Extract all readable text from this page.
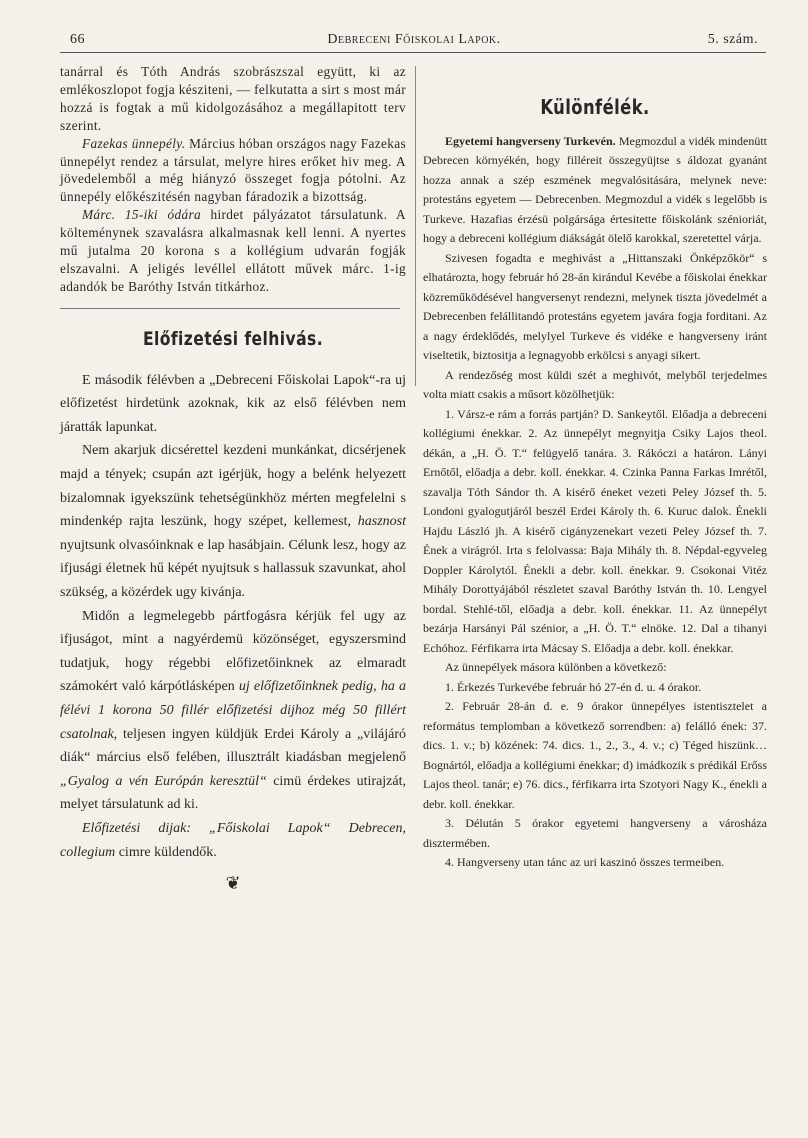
66	Debreceni Főiskolai Lapok.	5. szám.

tanárral és Tóth András szobrászszal együtt, ki az emlékoszlopot fogja késziteni, — felkutatta a sirt s most már hozzá is fogtak a mű kidolgozásához a megállapitott terv szerint.

Fazekas ünnepély. Március hóban országos nagy Fazekas ünnepélyt rendez a társulat, melyre hires erőket hiv meg. A jövedelemből a még hiányzó összeget fogja pótolni. Az ünnepély előkészitésén nagyban fáradozik a bizottság.

Márc. 15-iki ódára hirdet pályázatot társulatunk. A költeménynek szavalásra alkalmasnak kell lenni. A nyertes mű jutalma 20 korona s a kollégium udvarán fogják elszavalni. A jeligés levéllel ellátott művek márc. 1-ig adandók be Baróthy István titkárhoz.

Előfizetési felhivás.

E második félévben a „Debreceni Főiskolai Lapok“-ra uj előfizetést hirdetünk azoknak, kik az első félévben nem járatták lapunkat.

Nem akarjuk dicsérettel kezdeni munkánkat, dicsérjenek majd a tények; csupán azt igérjük, hogy a belénk helyezett bizalomnak igyekszünk tehetségünkhöz mérten megfelelni s mindenkép rajta leszünk, hogy szépet, kellemest, hasznost nyujtsunk olvasóinknak e lap hasábjain. Célunk lesz, hogy az ifjusági életnek hű képét nyujtsuk s hallassuk szavunkat, ahol szükség, a közérdek ugy kivánja.

Midőn a legmelegebb pártfogásra kérjük fel ugy az ifjuságot, mint a nagyérdemü közönséget, egyszersmind tudatjuk, hogy régebbi előfizetőinknek az elmaradt számokért való kárpótlásképen uj előfizetőinknek pedig, ha a félévi 1 korona 50 fillér előfizetési dijhoz még 50 fillért csatolnak, teljesen ingyen küldjük Erdei Károly a „vilájáró diák“ március első felében, illusztrált kiadásban megjelenő „Gyalog a vén Európán keresztül“ cimü érdekes utirajzát, melyet társulatunk ad ki.

Előfizetési dijak: „Főiskolai Lapok“ Debrecen, collegium cimre küldendők.

❦
Különfélék.

Egyetemi hangverseny Turkevén. Megmozdul a vidék mindenütt Debrecen környékén, hogy filléreit összegyüjtse s áldozat gyanánt hozza annak a szép eszmének megvalósitására, melynek neve: protestáns egyetem — Debrecenben. Megmozdul a vidék s legelőbb is Turkeve. Hazafias érzésü polgársága értesitette főiskolánk szénioriát, hogy a debreceni kollégium diákságát ölelő karokkal, szeretettel várja.

Szivesen fogadta e meghivást a „Hittanszaki Önképzőkör“ s elhatározta, hogy február hó 28-án kirándul Kevébe a főiskolai énekkar közreműködésével hangversenyt rendezni, melynek tiszta jövedelmét a Debrecenben felállitandó protestáns egyetem javára fogja forditani. Az a nagy érdeklődés, melylyel Turkeve és vidéke e hangverseny iránt viseltetik, biztositja a legnagyobb erkölcsi s anyagi sikert.

A rendezőség most küldi szét a meghivót, melyből terjedelmes volta miatt csakis a műsort közölhetjük:

1. Vársz-e rám a forrás partján? D. Sankeytől. Előadja a debreceni kollégiumi énekkar. 2. Az ünnepélyt megnyitja Csiky Lajos theol. dékán, a „H. Ö. T.“ felügyelő tanára. 3. Rákóczi a határon. Lányi Ernőtől, előadja a debr. koll. énekkar. 4. Czinka Panna Farkas Imrétől, szavalja Tóth Sándor th. A kisérő éneket vezeti Peley József th. 5. Londoni gyalogutjáról beszél Erdei Károly th. 6. Kuruc dalok. Énekli Hajdu László jh. A kisérő cigányzenekart vezeti Peley József th. 7. Ének a virágról. Irta s felolvassa: Baja Mihály th. 8. Népdal-egyveleg Doppler Károlytól. Énekli a debr. koll. énekkar. 9. Csokonai Vitéz Mihály Dorottyájából részletet szaval Baróthy István th. 10. Lengyel bordal. Stehlé-től, előadja a debr. koll. énekkar. 11. Az ünnepélyt bezárja Harsányi Pál szénior, a „H. Ö. T.“ elnöke. 12. Dal a tihanyi Echóhoz. Férfikarra irta Mácsay S. Előadja a debr. koll. énekkar.

Az ünnepélyek másora különben a következő:

1. Érkezés Turkevébe február hó 27-én d. u. 4 órakor.

2. Február 28-án d. e. 9 órakor ünnepélyes istentisztelet a református templomban a következő sorrendben: a) felálló ének: 37. dics. 1. v.; b) közének: 74. dics. 1., 2., 3., 4. v.; c) Téged hiszünk… Bognártól, előadja a kollégiumi énekkar; d) imádkozik s prédikál Erőss Lajos theol. tanár; e) 76. dics., férfikarra irta Szotyori Nagy K., énekli a debr. koll. énekkar.

3. Délután 5 órakor egyetemi hangverseny a városháza disztermében.

4. Hangverseny utan tánc az uri kaszinó összes termeiben.
